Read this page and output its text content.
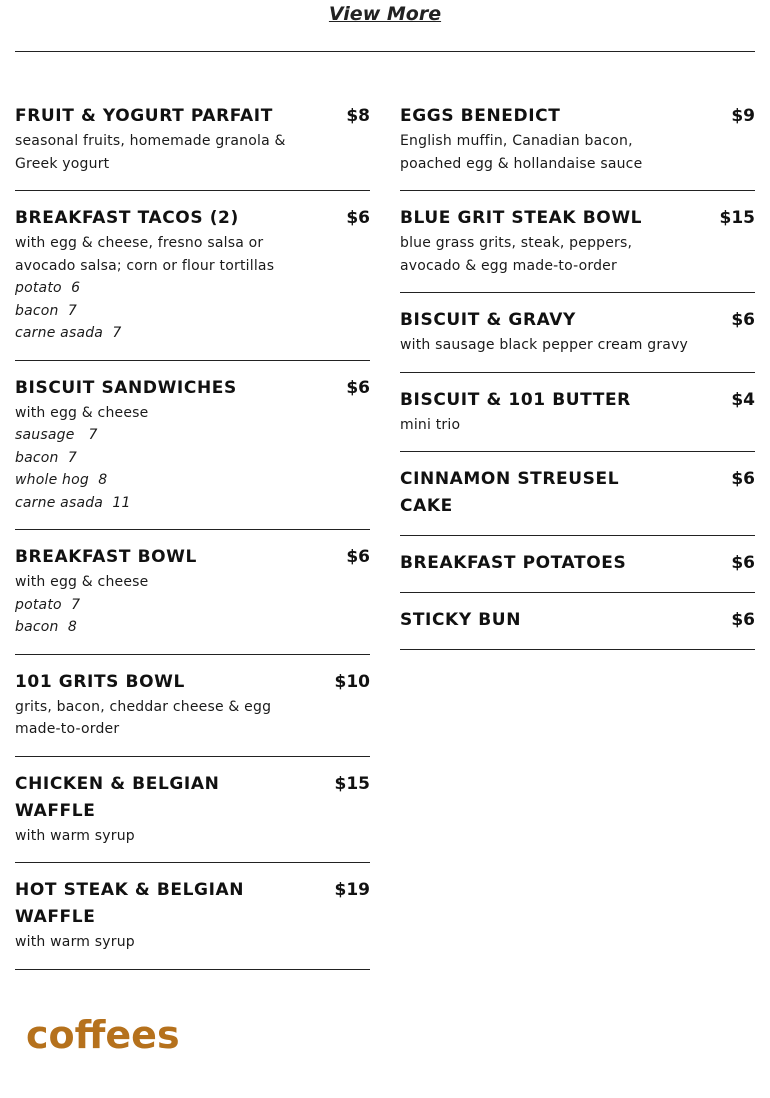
View More
FRUIT & YOGURT PARFAIT	$8
seasonal fruits, homemade granola & Greek yogurt
BREAKFAST TACOS (2)	$6
with egg & cheese, fresno salsa or avocado salsa; corn or flour tortillas
potato  6
bacon  7
carne asada  7
BISCUIT SANDWICHES	$6
with egg & cheese
sausage   7
bacon  7
whole hog  8
carne asada  11
BREAKFAST BOWL	$6
with egg & cheese
potato  7
bacon  8
101 GRITS BOWL	$10
grits, bacon, cheddar cheese & egg made-to-order
CHICKEN & BELGIAN WAFFLE
$15
with warm syrup
HOT STEAK & BELGIAN WAFFLE
$19
with warm syrup
EGGS BENEDICT	$9
English muffin, Canadian bacon, poached egg & hollandaise sauce
BLUE GRIT STEAK BOWL	$15
blue grass grits, steak, peppers, avocado & egg made-to-order
BISCUIT & GRAVY	$6
with sausage black pepper cream gravy
BISCUIT & 101 BUTTER	$4
mini trio
CINNAMON STREUSEL CAKE
$6
BREAKFAST POTATOES	$6
STICKY BUN	$6
coffees
